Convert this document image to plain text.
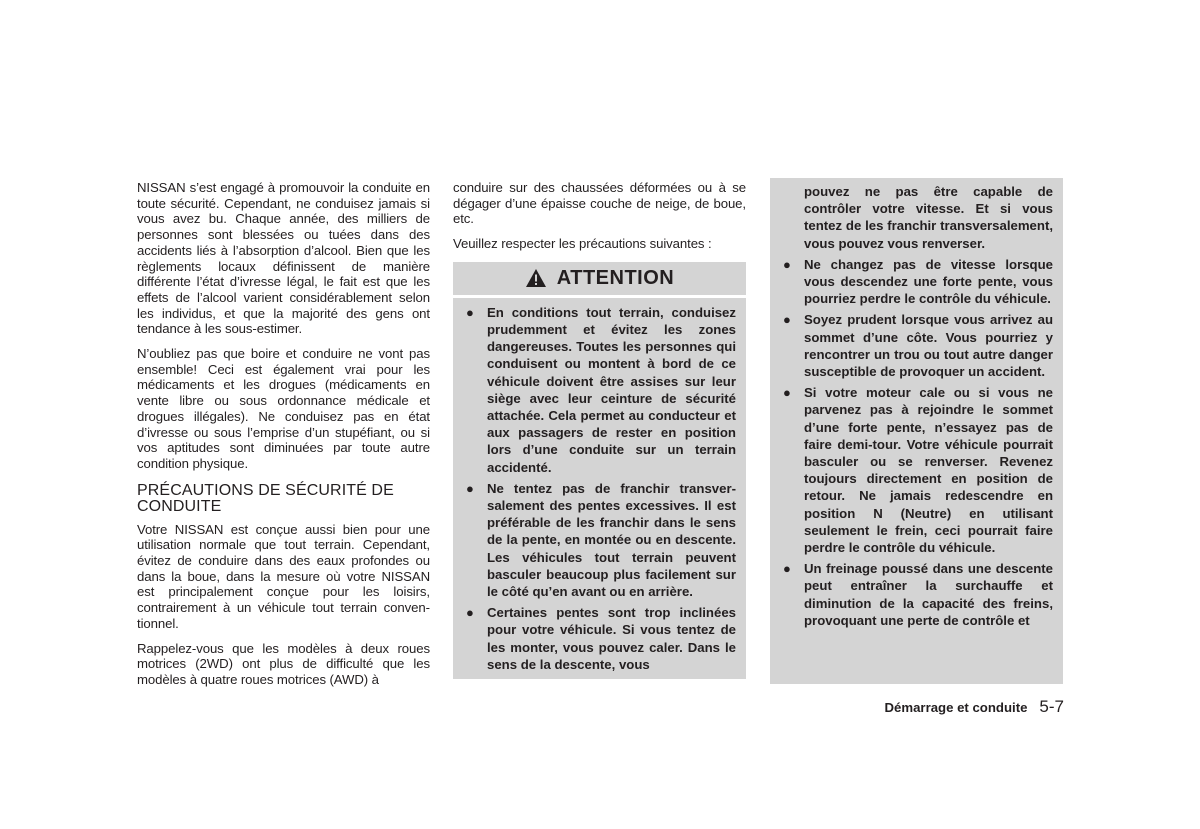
NISSAN s’est engagé à promouvoir la conduite en toute sécurité. Cependant, ne conduisez jamais si vous avez bu. Chaque année, des milliers de personnes sont blessées ou tuées dans des accidents liés à l’absorption d’alcool. Bien que les règlements locaux définissent de manière différente l’état d’ivresse légal, le fait est que les effets de l’alcool varient considérablement selon les individus, et que la majorité des gens ont tendance à les sous-estimer.

N’oubliez pas que boire et conduire ne vont pas ensemble! Ceci est également vrai pour les médicaments et les drogues (médicaments en vente libre ou sous ordonnance médicale et drogues illégales). Ne conduisez pas en état d’ivresse ou sous l’emprise d’un stupéfiant, ou si vos aptitudes sont diminuées par toute autre condition physique.

PRÉCAUTIONS DE SÉCURITÉ DE CONDUITE

Votre NISSAN est conçue aussi bien pour une utilisation normale que tout terrain. Cependant, évitez de conduire dans des eaux profondes ou dans la boue, dans la mesure où votre NISSAN est principalement conçue pour les loisirs, contrairement à un véhicule tout terrain conventionnel.

Rappelez-vous que les modèles à deux roues motrices (2WD) ont plus de difficulté que les modèles à quatre roues motrices (AWD) à

conduire sur des chaussées déformées ou à se dégager d’une épaisse couche de neige, de boue, etc.

Veuillez respecter les précautions suivantes :

ATTENTION
● En conditions tout terrain, conduisez prudemment et évitez les zones dangereuses. Toutes les personnes qui conduisent ou montent à bord de ce véhicule doivent être assises sur leur siège avec leur ceinture de sécurité attachée. Cela permet au conducteur et aux passagers de rester en position lors d’une conduite sur un terrain accidenté.
● Ne tentez pas de franchir transversalement des pentes excessives. Il est préférable de les franchir dans le sens de la pente, en montée ou en descente. Les véhicules tout terrain peuvent basculer beaucoup plus facilement sur le côté qu’en avant ou en arrière.
● Certaines pentes sont trop inclinées pour votre véhicule. Si vous tentez de les monter, vous pouvez caler. Dans le sens de la descente, vous
pouvez ne pas être capable de contrôler votre vitesse. Et si vous tentez de les franchir transversalement, vous pouvez vous renverser.
● Ne changez pas de vitesse lorsque vous descendez une forte pente, vous pourriez perdre le contrôle du véhicule.
● Soyez prudent lorsque vous arrivez au sommet d’une côte. Vous pourriez y rencontrer un trou ou tout autre danger susceptible de provoquer un accident.
● Si votre moteur cale ou si vous ne parvenez pas à rejoindre le sommet d’une forte pente, n’essayez pas de faire demi-tour. Votre véhicule pourrait basculer ou se renverser. Revenez toujours directement en position de retour. Ne jamais redescendre en position N (Neutre) en utilisant seulement le frein, ceci pourrait faire perdre le contrôle du véhicule.
● Un freinage poussé dans une descente peut entraîner la surchauffe et diminution de la capacité des freins, provoquant une perte de contrôle et
Démarrage et conduite 5-7
